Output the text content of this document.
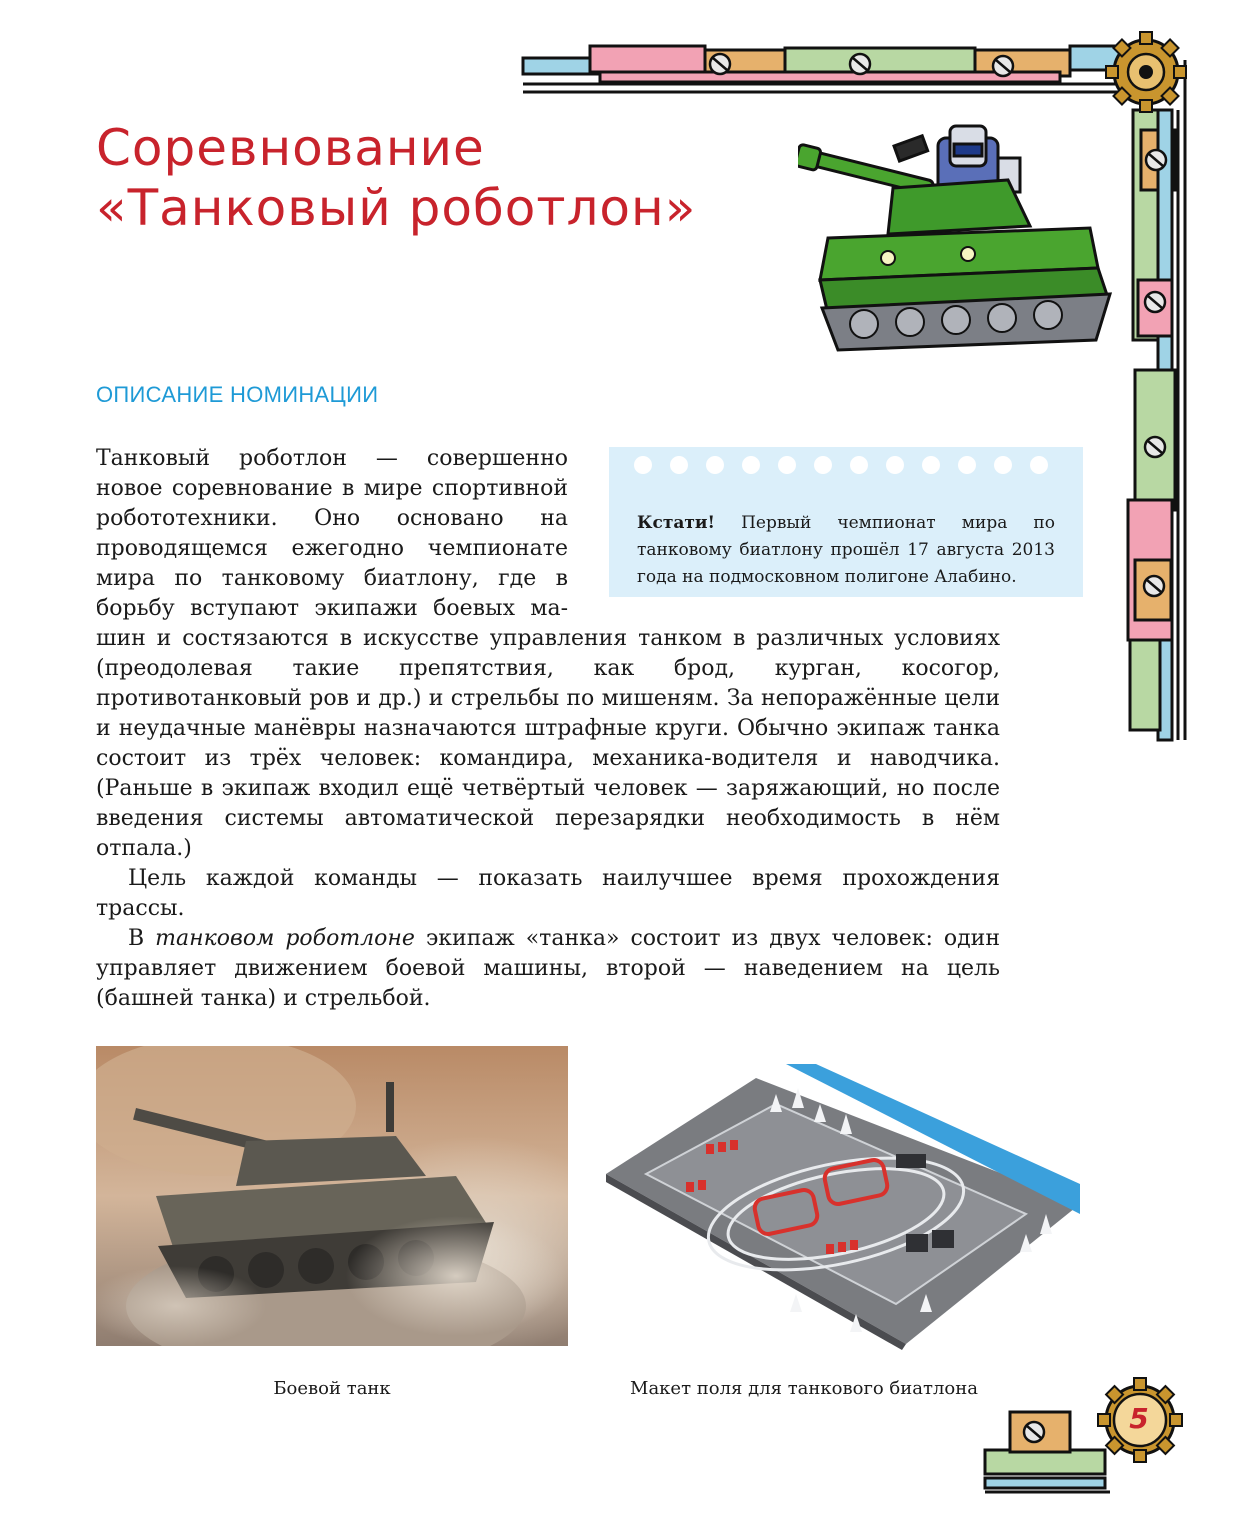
Соревнование
«Танковый роботлон»
ОПИСАНИЕ НОМИНАЦИИ

Танковый роботлон — совершенно новое соревнование в мире спортивной робототехники. Оно основано на проводящемся ежегодно чемпионате мира по танковому биатлону, где в борьбу вступают экипажи боевых ма-

Кстати! Первый чемпионат мира по танковому биатлону прошёл 17 августа 2013 года на подмосковном полигоне Алабино.

шин и состязаются в искусстве управления танком в различных условиях (преодолевая такие препятствия, как брод, курган, косогор, противотанковый ров и др.) и стрельбы по мишеням. За непоражённые цели и неудачные манёвры назначаются штрафные круги. Обычно экипаж танка состоит из трёх человек: командира, механика-водителя и наводчика. (Раньше в экипаж входил ещё четвёртый человек — заряжающий, но после введения системы автоматической перезарядки необходимость в нём отпала.)

Цель каждой команды — показать наилучшее время прохождения трассы.

В танковом роботлоне экипаж «танка» состоит из двух человек: один управляет движением боевой машины, второй — наведением на цель (башней танка) и стрельбой.

Боевой танк	Макет поля для танкового биатлона
5
